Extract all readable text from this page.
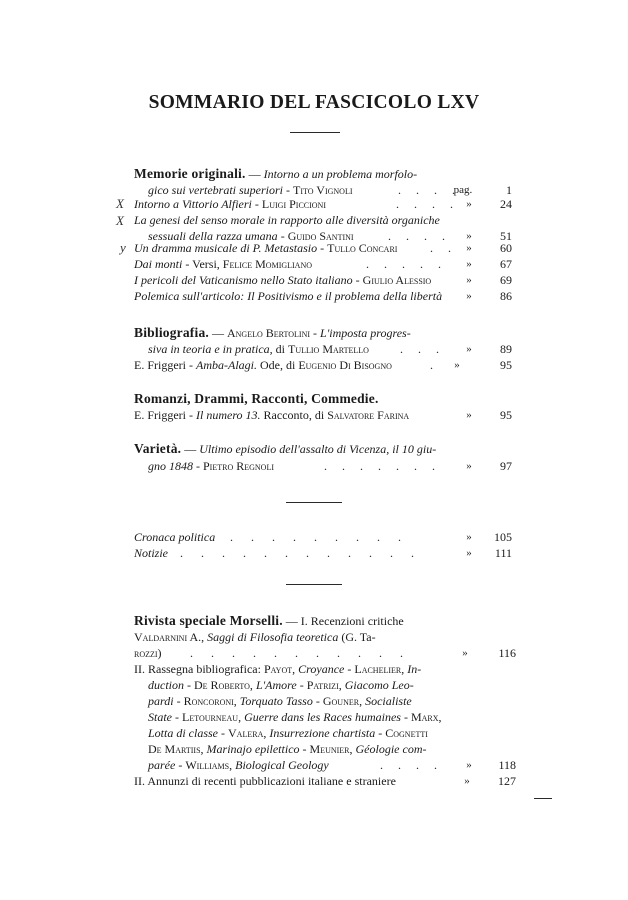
SOMMARIO DEL FASCICOLO LXV
Memorie originali. — Intorno a un problema morfolo-
gico sui vertebrati superiori - Tito Vignoli	.     .     .     .
pag.	1
X Intorno a Vittorio Alfieri - Luigi Piccioni	.     .     .     .	»	24
X La genesi del senso morale in rapporto alle diversità organiche
sessuali della razza umana - Guido Santini	.     .     .     .	»	51
y Un dramma musicale di P. Metastasio - Tullo Concari	.     .	»	60
Dai monti - Versi, Felice Momigliano	.     .     .     .     .	»	67
I pericoli del Vaticanismo nello Stato italiano - Giulio Alessio	»	69
Polemica sull'articolo: Il Positivismo e il problema della libertà	»	86
Bibliografia. — Angelo Bertolini - L'imposta progres-
siva in teoria e in pratica, di Tullio Martello	.     .     .	»	89
E. Friggeri - Amba-Alagi. Ode, di Eugenio Di Bisogno	.	»	95
Romanzi, Drammi, Racconti, Commedie.
E. Friggeri - Il numero 13. Racconto, di Salvatore Farina	»	95
Varietà. — Ultimo episodio dell'assalto di Vicenza, il 10 giu-
gno 1848 - Pietro Regnoli	.     .     .     .     .     .     .	»	97
Cronaca politica .      .      .      .      .      .      .      .      .	»	105
Notizie .      .      .      .      .      .      .      .      .      .      .      .	»	111
Rivista speciale Morselli. — I. Recenzioni critiche
Valdarnini A., Saggi di Filosofia teoretica (G. Ta-
rozzi) .      .      .      .      .      .      .      .      .      .      .	»	116
II. Rassegna bibliografica: Payot, Croyance - Lachelier, In-
duction - De Roberto, L'Amore - Patrizi, Giacomo Leo-
pardi - Roncoroni, Torquato Tasso - Gouner, Socialiste
State - Letourneau, Guerre dans les Races humaines - Marx,
Lotta di classe - Valera, Insurrezione chartista - Cognetti
De Martiis, Marinajo epilettico - Meunier, Géologie com-
parée - Williams, Biological Geology	.     .     .     .	»	118
II. Annunzi di recenti pubblicazioni italiane e straniere	»	127
